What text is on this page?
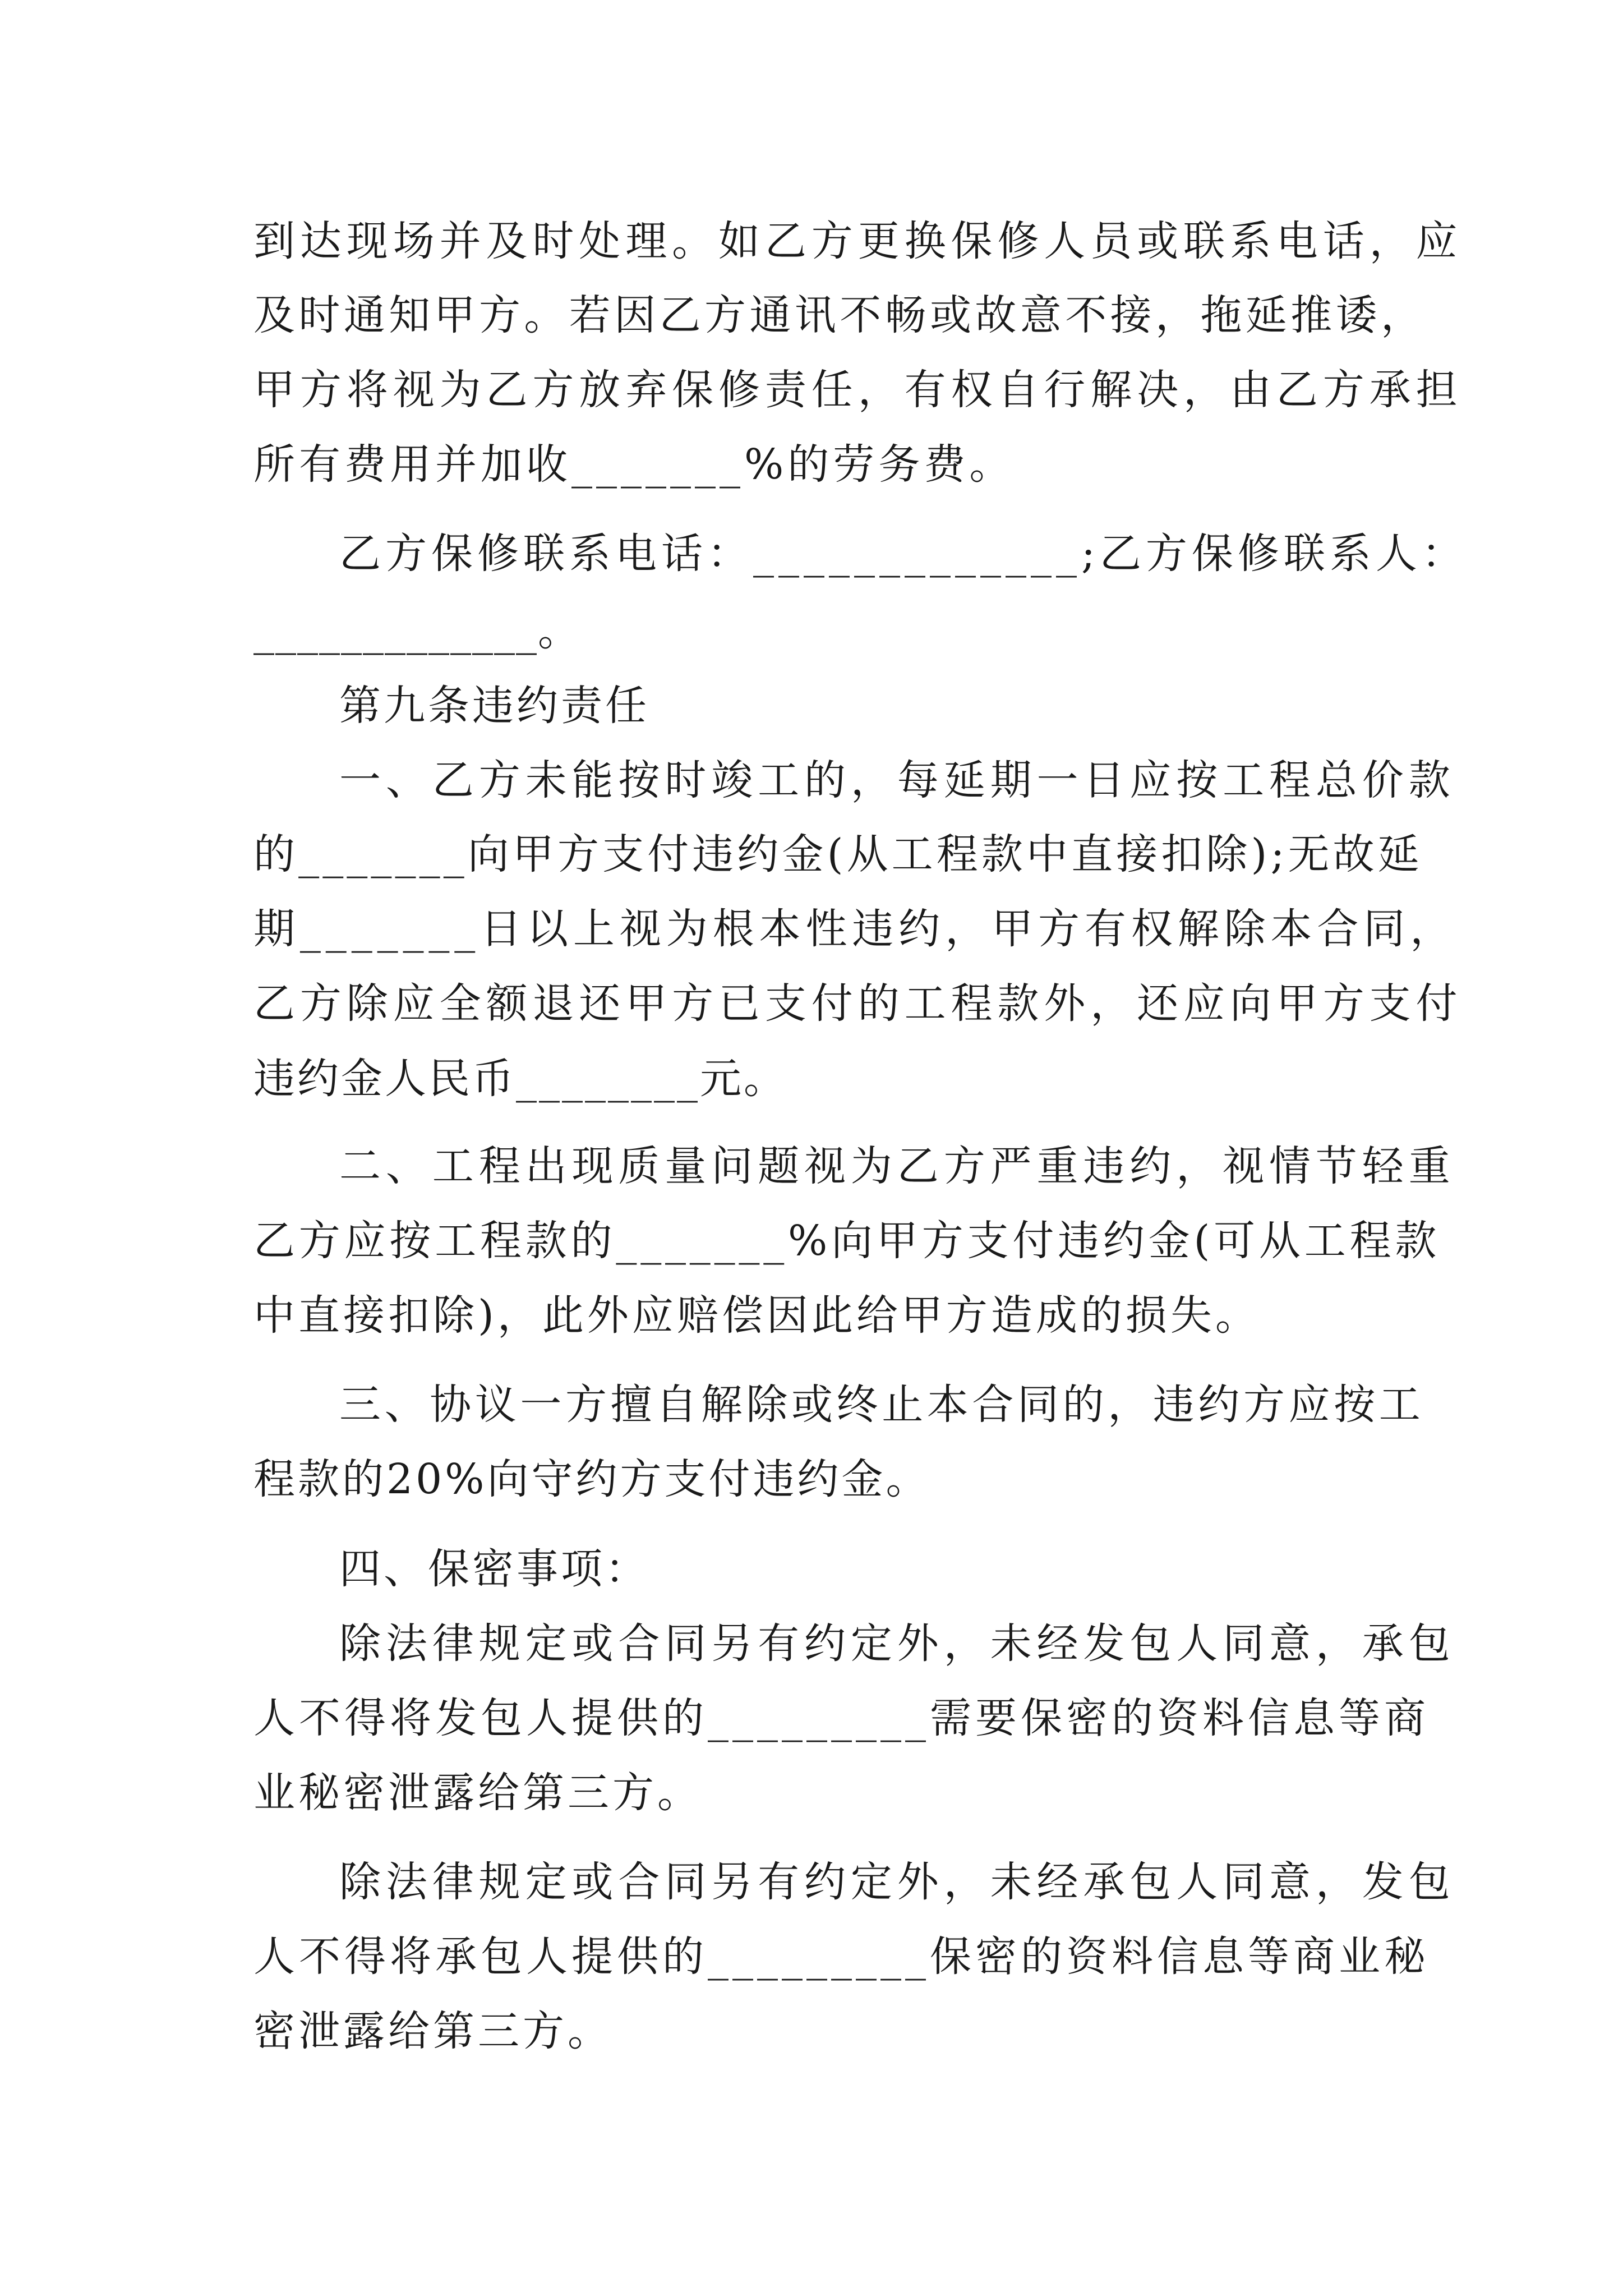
到达现场并及时处理。如乙方更换保修人员或联系电话，应
及时通知甲方。若因乙方通讯不畅或故意不接，拖延推诿，
甲方将视为乙方放弃保修责任，有权自行解决，由乙方承担
所有费用并加收_______%的劳务费。
乙方保修联系电话：_____________;乙方保修联系人：
_____________。
第九条违约责任
一、乙方未能按时竣工的，每延期一日应按工程总价款
的_______向甲方支付违约金(从工程款中直接扣除);无故延
期_______日以上视为根本性违约，甲方有权解除本合同，
乙方除应全额退还甲方已支付的工程款外，还应向甲方支付
违约金人民币________元。
二、工程出现质量问题视为乙方严重违约，视情节轻重
乙方应按工程款的_______%向甲方支付违约金(可从工程款
中直接扣除)，此外应赔偿因此给甲方造成的损失。
三、协议一方擅自解除或终止本合同的，违约方应按工
程款的20%向守约方支付违约金。
四、保密事项：
除法律规定或合同另有约定外，未经发包人同意，承包
人不得将发包人提供的_________需要保密的资料信息等商
业秘密泄露给第三方。
除法律规定或合同另有约定外，未经承包人同意，发包
人不得将承包人提供的_________保密的资料信息等商业秘
密泄露给第三方。
